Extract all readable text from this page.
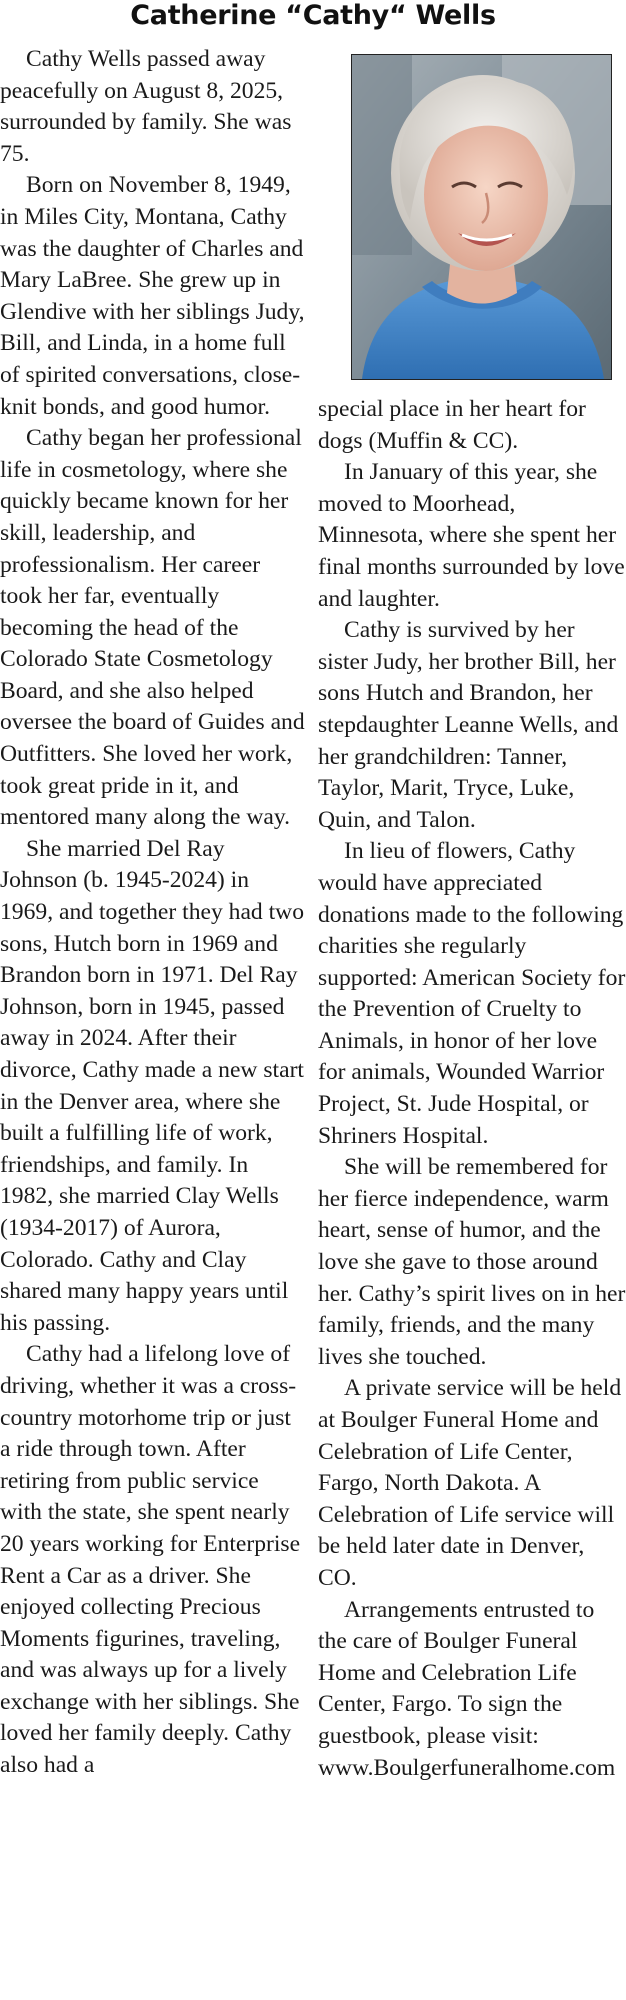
Catherine “Cathy“ Wells

Cathy Wells passed away peacefully on August 8, 2025, surrounded by family. She was 75.

Born on November 8, 1949, in Miles City, Montana, Cathy was the daughter of Charles and Mary LaBree. She grew up in Glendive with her siblings Judy, Bill, and Linda, in a home full of spirited conversations, close-knit bonds, and good humor.

Cathy began her professional life in cosmetology, where she quickly became known for her skill, leadership, and professionalism. Her career took her far, eventually becoming the head of the Colorado State Cosmetology Board, and she also helped oversee the board of Guides and Outfitters. She loved her work, took great pride in it, and mentored many along the way.

She married Del Ray Johnson (b. 1945-2024) in 1969, and together they had two sons, Hutch born in 1969 and Brandon born in 1971. Del Ray Johnson, born in 1945, passed away in 2024. After their divorce, Cathy made a new start in the Denver area, where she built a fulfilling life of work, friendships, and family. In 1982, she married Clay Wells (1934-2017) of Aurora, Colorado. Cathy and Clay shared many happy years until his passing.

Cathy had a lifelong love of driving, whether it was a cross-country motorhome trip or just a ride through town. After retiring from public service with the state, she spent nearly 20 years working for Enterprise Rent a Car as a driver. She enjoyed collecting Precious Moments figurines, traveling, and was always up for a lively exchange with her siblings. She loved her family deeply. Cathy also had a

special place in her heart for dogs (Muffin & CC).

In January of this year, she moved to Moorhead, Minnesota, where she spent her final months surrounded by love and laughter.

Cathy is survived by her sister Judy, her brother Bill, her sons Hutch and Brandon, her stepdaughter Leanne Wells, and her grandchildren: Tanner, Taylor, Marit, Tryce, Luke, Quin, and Talon.

In lieu of flowers, Cathy would have appreciated donations made to the following charities she regularly supported: American Society for the Prevention of Cruelty to Animals, in honor of her love for animals, Wounded Warrior Project, St. Jude Hospital, or Shriners Hospital.

She will be remembered for her fierce independence, warm heart, sense of humor, and the love she gave to those around her. Cathy’s spirit lives on in her family, friends, and the many lives she touched.

A private service will be held at Boulger Funeral Home and Celebration of Life Center, Fargo, North Dakota. A Celebration of Life service will be held later date in Denver, CO.

Arrangements entrusted to the care of Boulger Funeral Home and Celebration Life Center, Fargo. To sign the guestbook, please visit: www.Boulgerfuneralhome.com
